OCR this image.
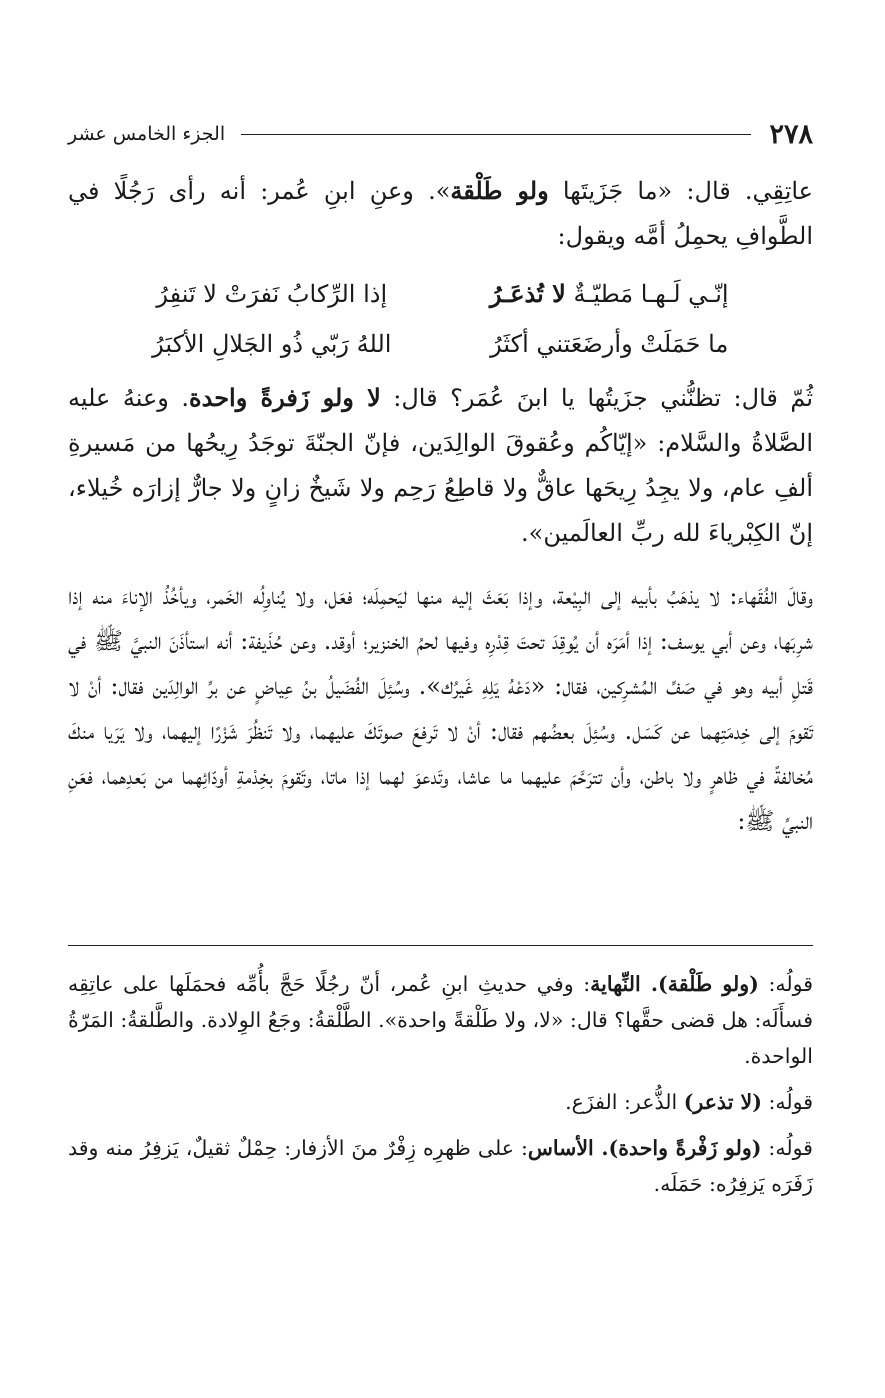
٢٧٨
الجزء الخامس عشر

عاتِقِي. قال: «ما جَزَيتَها ولو طَلْقة». وعنِ ابنِ عُمر: أنه رأى رَجُلًا في الطَّوافِ يحمِلُ أمَّه ويقول:

إنّـي لَـهـا مَطيّـةٌ لا تُذعَـرُ
إذا الرِّكابُ نَفرَتْ لا تَنفِرُ
ما حَمَلَتْ وأرضَعَتني أكثَرُ
اللهُ رَبّي ذُو الجَلالِ الأكبَرُ

ثُمّ قال: تظنُّني جزَيتُها يا ابنَ عُمَر؟ قال: لا ولو زَفرةً واحدة. وعنهُ عليه الصَّلاةُ والسَّلام: «إيّاكُم وعُقوقَ الوالِدَين، فإنّ الجنّةَ توجَدُ رِيحُها من مَسيرةِ ألفِ عام، ولا يجِدُ رِيحَها عاقٌّ ولا قاطِعُ رَحِم ولا شَيخٌ زانٍ ولا جارٌّ إزارَه خُيلاء، إنّ الكِبْرياءَ لله ربِّ العالَمين».

وقالَ الفُقَهاء: لا يذهَبُ بأبيه إلى البِيْعة، وإذا بَعَثَ إليه منها ليَحمِلَه؛ فعَل، ولا يُناوِلُه الخَمر، ويأخُذُ الإناءَ منه إذا شرِبَها، وعن أبي يوسف: إذا أمَرَه أن يُوقِدَ تحتَ قِدْرِه وفيها لحمُ الخنزير؛ أوقد. وعن حُذَيفة: أنه استأذَنَ النبيَّ ﷺ في قَتلِ أبيه وهو في صَفِّ المُشرِكين، فقال: «دَعْهُ يَلِهِ غَيرُك». وسُئِلَ الفُضَيلُ بنُ عِياضٍ عن برِّ الوالِدَين فقال: أنْ لا تَقومَ إلى خِدمَتِهما عن كَسَل. وسُئِلَ بعضُهم فقال: أنْ لا تَرفعَ صوتَكَ عليهما، ولا تَنظُرَ شَزْرًا إليهما، ولا يَرَيا منكَ مُخالفةً في ظاهرٍ ولا باطن، وأن تترَحَّمَ عليهما ما عاشا، وتَدعوَ لهما إذا ماتا، وتَقومَ بخِدْمةِ أودّائِهما من بَعدِهما، فعَنِ النبيِّ ﷺ:

قولُه: (ولو طَلْقة). النِّهاية: وفي حديثِ ابنِ عُمر، أنّ رجُلًا حَجَّ بأُمِّه فحمَلَها على عاتِقِه فسأَلَه: هل قضى حقَّها؟ قال: «لا، ولا طَلْقةً واحدة». الطَّلْقةُ: وجَعُ الوِلادة. والطَّلقةُ: المَرّةُ الواحدة.

قولُه: (لا تذعر) الذُّعر: الفزَع.

قولُه: (ولو زَفْرةً واحدة). الأساس: على ظهرِه زِفْرٌ منَ الأزفار: حِمْلٌ ثقيلٌ، يَزفِرُ منه وقد زَفَرَه يَزفِرُه: حَمَلَه.
